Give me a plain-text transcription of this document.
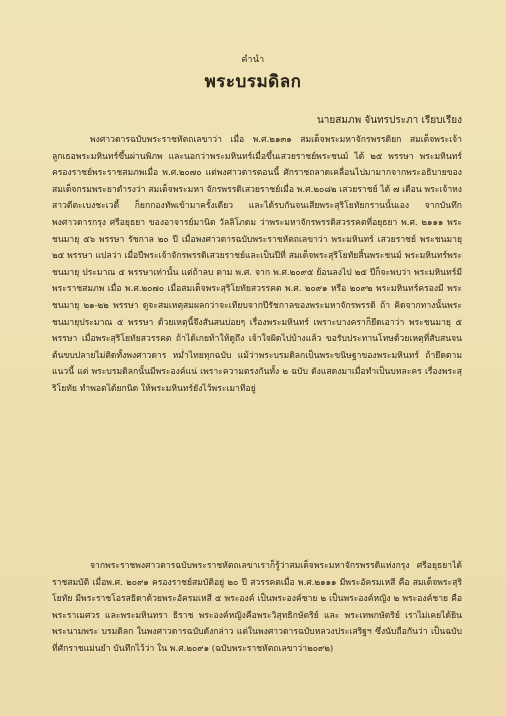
คำนำ
พระบรมดิลก
นายสมภพ จันทรประภา เรียบเรียง

พงศาวดารฉบับพระราชหัตถเลขาว่า เมื่อ พ.ศ.๒๑๓๑ สมเด็จพระมหาจักรพรรดิยก สมเด็จพระเจ้าลูกเธอพระมหินทร์ขึ้นผ่านพิภพ และนอกว่าพระมหินทร์เมื่อขึ้นเสวยราชย์พระชนม์ ได้ ๒๕ พรรษา พระมหินทร์ครองราชย์พระราชสมภพเมื่อ พ.ศ.๒๐๗๐ แต่พงศาวดารตอนนี้ ศักราชถลาดเคลื่อนไปมามากจากพระอธิบายของสมเด็จกรมพระยาดำรงว่า สมเด็จพระมหา จักรพรรดิเสวยราชย์เมื่อ พ.ศ.๒๐๘๒ เสวยราชย์ ได้ ๗ เดือน พระเจ้าหงสาวดีตะเบงชะเวตี้ ก็ยกกองทัพเข้ามาครั้งเดียว และได้รบกันจนเสียพระสุริโยทัยกรานนั้นเอง จากบันทึกพงศาวดารกรุง ศรีอยุธยา ของอาจารย์มานิต วัลลิโภดม ว่าพระมหาจักรพรรดิสวรรคตที่อยุธยา พ.ศ. ๒๑๑๑ พระชนมายุ ๕๖ พรรษา รัชกาล ๒๐ ปี เมื่อพงศาวดารฉบับพระราชหัตถเลขาว่า พระมหินทร์ เสวยราชย์ พระชนมายุ ๒๕ พรรษา แปลว่า เมื่อปีพระเจ้าจักรพรรดิเสวยราชย์และเป็นปีที่ สมเด็จพระสุริโยทัยสิ้นพระชนม์ พระมหินทร์พระชนมายุ ประมาณ ๕ พรรษาเท่านั้น แต่ถ้าลบ ตาม พ.ศ. จาก พ.ศ.๒๐๙๕ ย้อนลงไป ๒๕ ปีก็จะพบว่า พระมหินทร์มีพระราชสมภพ เมื่อ พ.ศ.๒๐๗๐ เมื่อสมเด็จพระสุริโยทัยสวรรคต พ.ศ. ๒๐๙๑ หรือ ๒๐๙๒ พระมหินทร์ครองมี พระชนมายุ ๒๑-๒๒ พรรษา ดูจะสมเหตุสมผลกว่าจะเทียบจากปีรัชกาลของพระมหาจักรพรรดิ ถ้า คิดจากทางนั้นพระชนมายุประมาณ ๕ พรรษา ด้วยเหตุนี้จึงสันสนบ่อยๆ เรื่องพระมหินทร์ เพราะบางคราก็ยึดเอาว่า พระชนมายุ ๕ พรรษา เมื่อพระสุริโยทัยสวรรคต ถ้าได้เกยท้าให้ดูถึง เจ้าใจผิดไปบ้างแล้ว ขอรับประทานโทษด้วยเหตุที่สับสนจนต้นขบปลายไม่ติดทั้งพงศาวดาร หม่ำไทยทุกฉบับ แม้ว่าพระบรมดิลกเป็นพระขนิษฐาของพระมหินทร์ ถ้ายึดตามแนวนี้ แต่ พระบรมดิลกนั้นมีพระองค์แน่ เพราะความตรงกันทั้ง ๒ ฉบับ ดังแสดงมาเมื่อทำเป็นบทละคร เรื่องพระสุริโยทัย ทำพอตได้ยกนิด ให้พระมหินทร์ยังไว้พระเมาทีอยู่

จากพระราชพงศาวดารฉบับพระราชหัตถเลขาเราก็รู้ว่าสมเด็จพระมหาจักรพรรดิแห่งกรุง ศรีอยุธยาได้ราชสมบัติ เมื่อพ.ศ. ๒๐๙๑ ครองราชย์สมบัติอยู่ ๒๐ ปี สวรรคตเมื่อ พ.ศ.๒๑๑๑ มีพระอัครมเหสี คือ สมเด็จพระสุริโยทัย มีพระราชโอรสธิดาด้วยพระอัครมเหสี ๕ พระองค์ เป็นพระองค์ชาย ๒ เป็นพระองค์หญิง ๒ พระองค์ชาย คือ พระราเมศวร และพระมหินทรา ธิราช พระองค์หญิงคือพระวิสุทธิกษัตริย์ และ พระเทพกษัตริย์ เราไม่เคยได้ยินพระนามพระ บรมดิลก ในพงศาวดารฉบับดังกล่าว แต่ในพงศาวดารฉบับหลวงประเสริฐฯ ซึ่งนับถือกันว่า เป็นฉบับที่ศักราชแม่นยำ บันทึกไว้ว่า ใน พ.ศ.๒๐๙๑ (ฉบับพระราชหัตถเลขาว่า๒๐๙๒)
